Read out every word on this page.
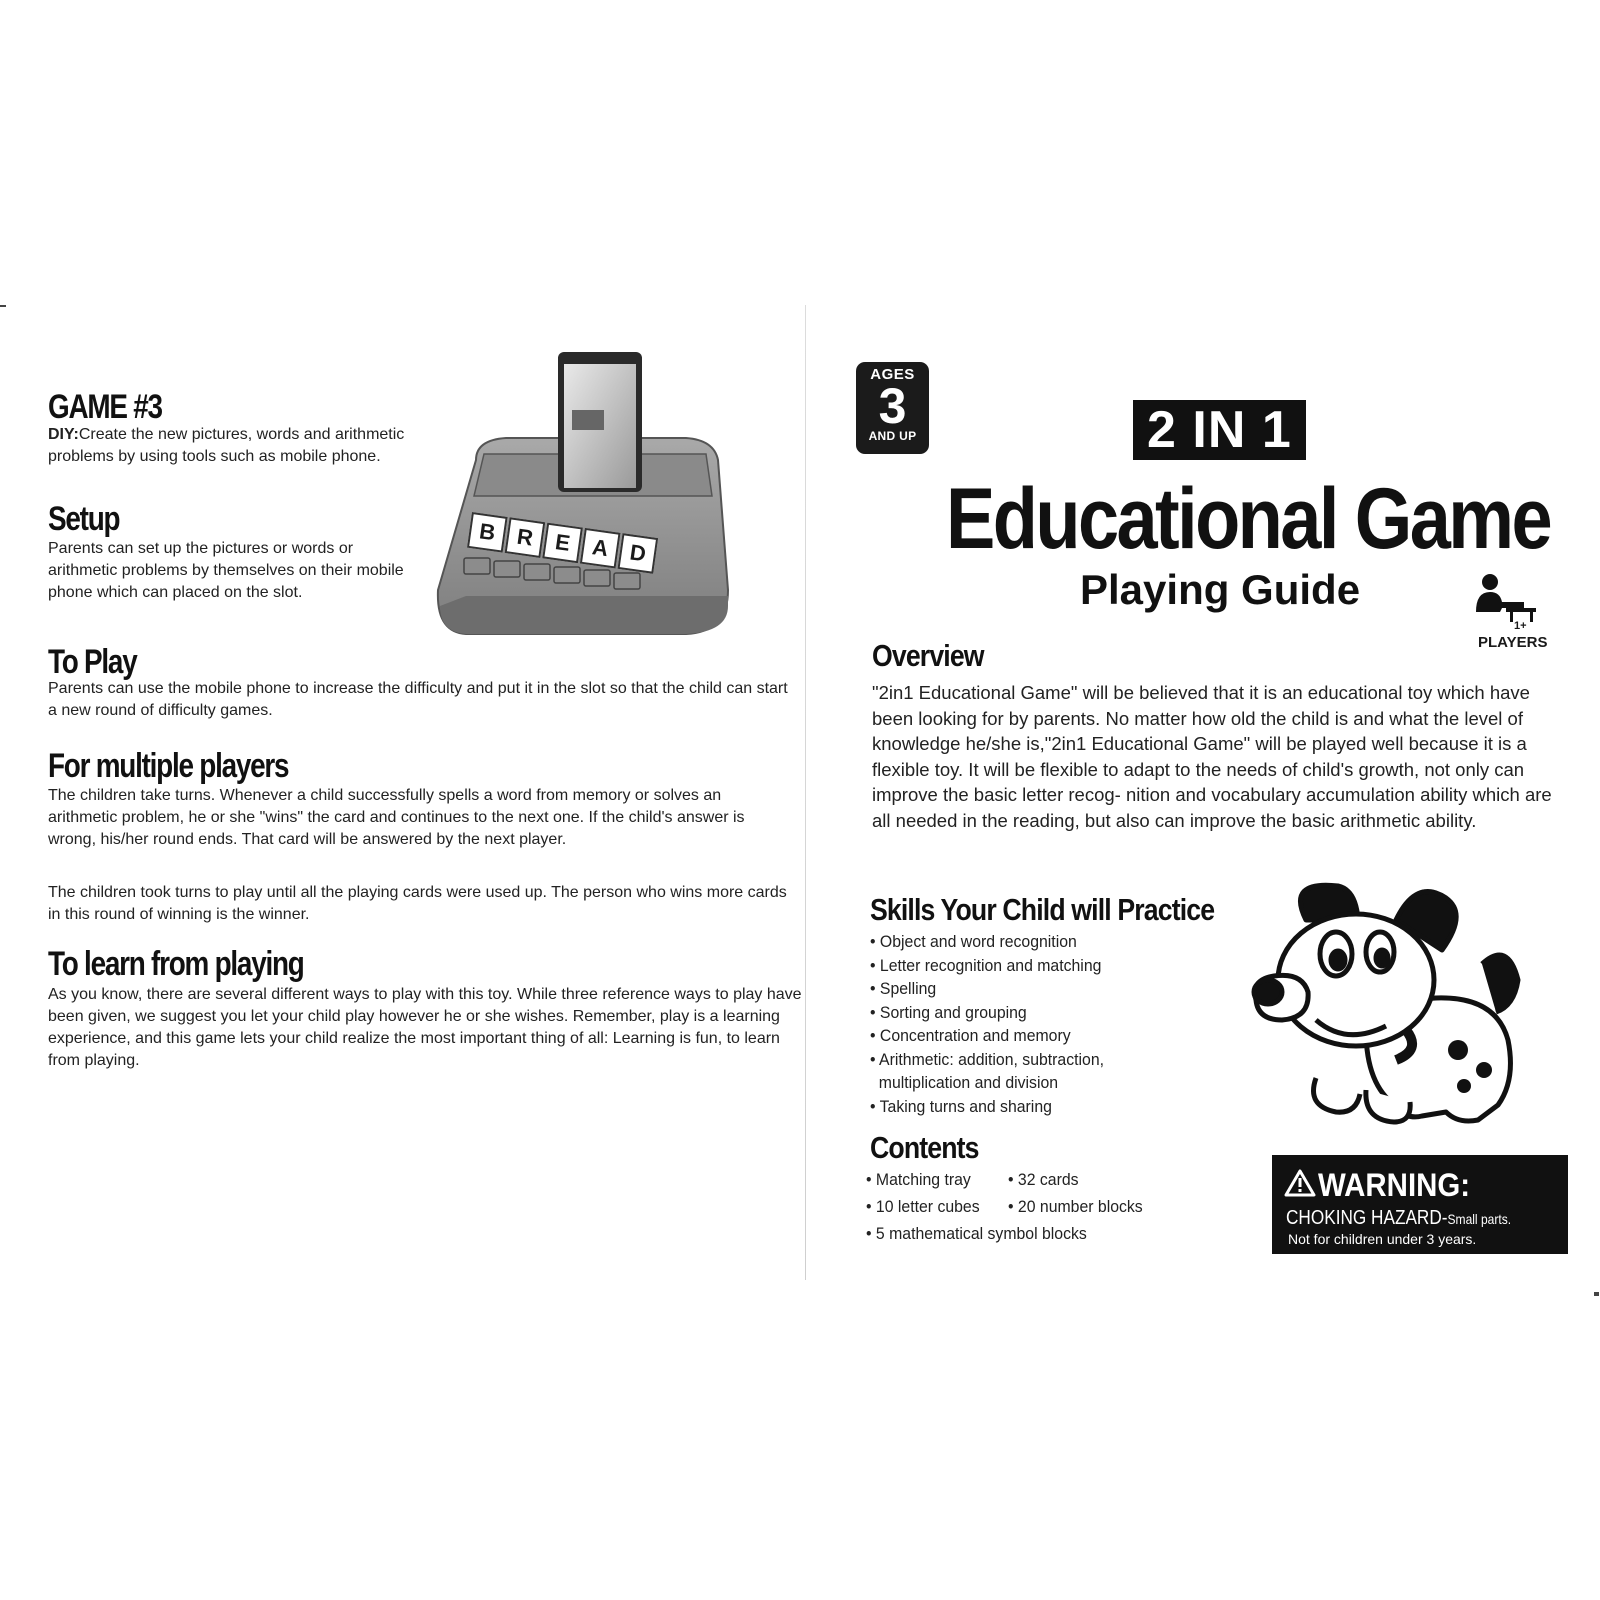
GAME #3
DIY:Create the new pictures, words and arithmetic problems by using tools such as mobile phone.
Setup
Parents can set up the pictures or words or arithmetic problems by themselves on their mobile phone which can placed on the slot.
B R E A D
To Play
Parents can use the mobile phone to increase the difficulty and put it in the slot so that the child can start a new round of difficulty games.
For multiple players
The children take turns. Whenever a child successfully spells a word from memory or solves an arithmetic problem, he or she "wins" the card and continues to the next one. If the child's answer is wrong, his/her round ends. That card will be answered by the next player.
The children took turns to play until all the playing cards were used up. The person who wins more cards in this round of winning is the winner.
To learn from playing
As you know, there are several different ways to play with this toy. While three reference ways to play have been given, we suggest you let your child play however he or she wishes. Remember, play is a learning experience, and this game lets your child realize the most important thing of all: Learning is fun, to learn from playing.
AGES
3
AND UP	2 IN 1
Educational Game
Playing Guide
1+
PLAYERS
Overview
"2in1 Educational Game" will be believed that it is an educational toy which have been looking for by parents. No matter how old the child is and what the level of knowledge he/she is,"2in1 Educational Game" will be played well because it is a flexible toy. It will be flexible to adapt to the needs of child's growth, not only can improve the basic letter recog- nition and vocabulary accumulation ability which are all needed in the reading, but also can improve the basic arithmetic ability.
Skills Your Child will Practice
• Object and word recognition
• Letter recognition and matching
• Spelling
• Sorting and grouping
• Concentration and memory
• Arithmetic: addition, subtraction,
multiplication and division
• Taking turns and sharing
Contents
• Matching tray • 32 cards • 10 letter cubes • 20 number blocks • 5 mathematical symbol blocks
WARNING:
CHOKING HAZARD-Small parts.
Not for children under 3 years.
